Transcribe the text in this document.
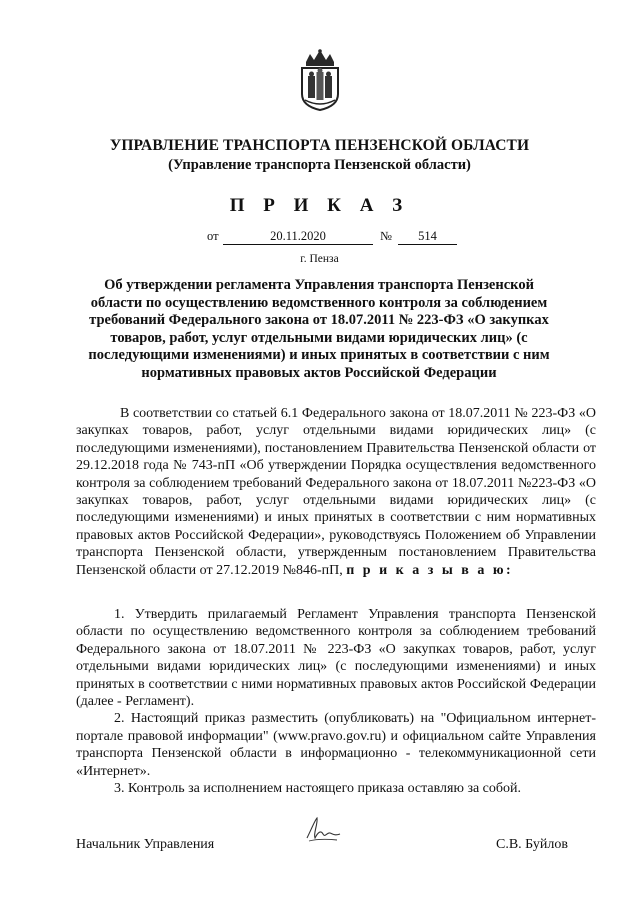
УПРАВЛЕНИЕ ТРАНСПОРТА ПЕНЗЕНСКОЙ ОБЛАСТИ
(Управление транспорта Пензенской области)
П Р И К А З
от	20.11.2020	№	514
г. Пенза
Об утверждении регламента Управления транспорта Пензенской области по осуществлению ведомственного контроля за соблюдением требований Федерального закона от 18.07.2011 № 223-ФЗ «О закупках товаров, работ, услуг отдельными видами юридических лиц» (с последующими изменениями) и иных принятых в соответствии с ним нормативных правовых актов Российской Федерации

В соответствии со статьей 6.1 Федерального закона от 18.07.2011 № 223-ФЗ «О закупках товаров, работ, услуг отдельными видами юридических лиц» (с последующими изменениями), постановлением Правительства Пензенской области от 29.12.2018 года № 743-пП «Об утверждении Порядка осуществления ведомственного контроля за соблюдением требований Федерального закона от 18.07.2011 №223-ФЗ «О закупках товаров, работ, услуг отдельными видами юридических лиц» (с последующими изменениями) и иных принятых в соответствии с ним нормативных правовых актов Российской Федерации», руководствуясь Положением об Управлении транспорта Пензенской области, утвержденным постановлением Правительства Пензенской области от 27.12.2019 №846-пП, п р и к а з ы в а ю:

1. Утвердить прилагаемый Регламент Управления транспорта Пензенской области по осуществлению ведомственного контроля за соблюдением требований Федерального закона от 18.07.2011 № 223-ФЗ «О закупках товаров, работ, услуг отдельными видами юридических лиц» (с последующими изменениями) и иных принятых в соответствии с ними нормативных правовых актов Российской Федерации (далее - Регламент).

2. Настоящий приказ разместить (опубликовать) на "Официальном интернет-портале правовой информации" (www.pravo.gov.ru) и официальном сайте Управления транспорта Пензенской области в информационно - телекоммуникационной сети «Интернет».

3. Контроль за исполнением настоящего приказа оставляю за собой.

Начальник Управления	С.В. Буйлов
